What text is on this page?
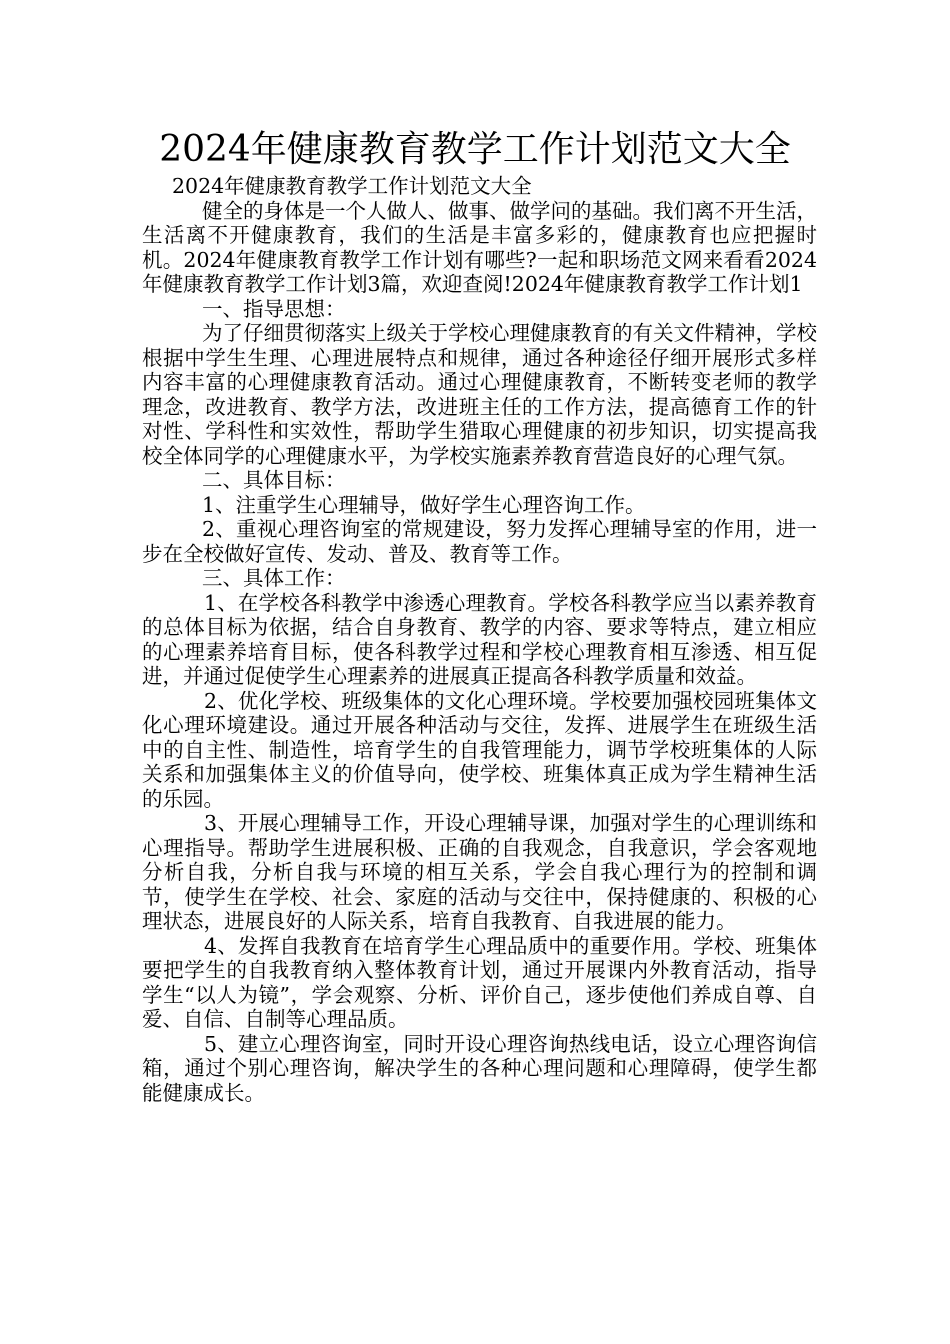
2024年健康教育教学工作计划范文大全

2024年健康教育教学工作计划范文大全

健全的身体是一个人做人、做事、做学问的基础。我们离不开生活，生活离不开健康教育，我们的生活是丰富多彩的，健康教育也应把握时机。2024年健康教育教学工作计划有哪些?一起和职场范文网来看看2024年健康教育教学工作计划3篇，欢迎查阅!2024年健康教育教学工作计划1

一、指导思想：

为了仔细贯彻落实上级关于学校心理健康教育的有关文件精神，学校根据中学生生理、心理进展特点和规律，通过各种途径仔细开展形式多样内容丰富的心理健康教育活动。通过心理健康教育，不断转变老师的教学理念，改进教育、教学方法，改进班主任的工作方法，提高德育工作的针对性、学科性和实效性，帮助学生猎取心理健康的初步知识，切实提高我校全体同学的心理健康水平，为学校实施素养教育营造良好的心理气氛。

二、具体目标：

1、注重学生心理辅导，做好学生心理咨询工作。

2、重视心理咨询室的常规建设，努力发挥心理辅导室的作用，进一步在全校做好宣传、发动、普及、教育等工作。

三、具体工作：

1、在学校各科教学中渗透心理教育。学校各科教学应当以素养教育的总体目标为依据，结合自身教育、教学的内容、要求等特点，建立相应的心理素养培育目标，使各科教学过程和学校心理教育相互渗透、相互促进，并通过促使学生心理素养的进展真正提高各科教学质量和效益。

2、优化学校、班级集体的文化心理环境。学校要加强校园班集体文化心理环境建设。通过开展各种活动与交往，发挥、进展学生在班级生活中的自主性、制造性，培育学生的自我管理能力，调节学校班集体的人际关系和加强集体主义的价值导向，使学校、班集体真正成为学生精神生活的乐园。

3、开展心理辅导工作，开设心理辅导课，加强对学生的心理训练和心理指导。帮助学生进展积极、正确的自我观念，自我意识，学会客观地分析自我，分析自我与环境的相互关系，学会自我心理行为的控制和调节，使学生在学校、社会、家庭的活动与交往中，保持健康的、积极的心理状态，进展良好的人际关系，培育自我教育、自我进展的能力。

4、发挥自我教育在培育学生心理品质中的重要作用。学校、班集体要把学生的自我教育纳入整体教育计划，通过开展课内外教育活动，指导学生“以人为镜”，学会观察、分析、评价自己，逐步使他们养成自尊、自爱、自信、自制等心理品质。

5、建立心理咨询室，同时开设心理咨询热线电话，设立心理咨询信箱，通过个别心理咨询，解决学生的各种心理问题和心理障碍，使学生都能健康成长。
